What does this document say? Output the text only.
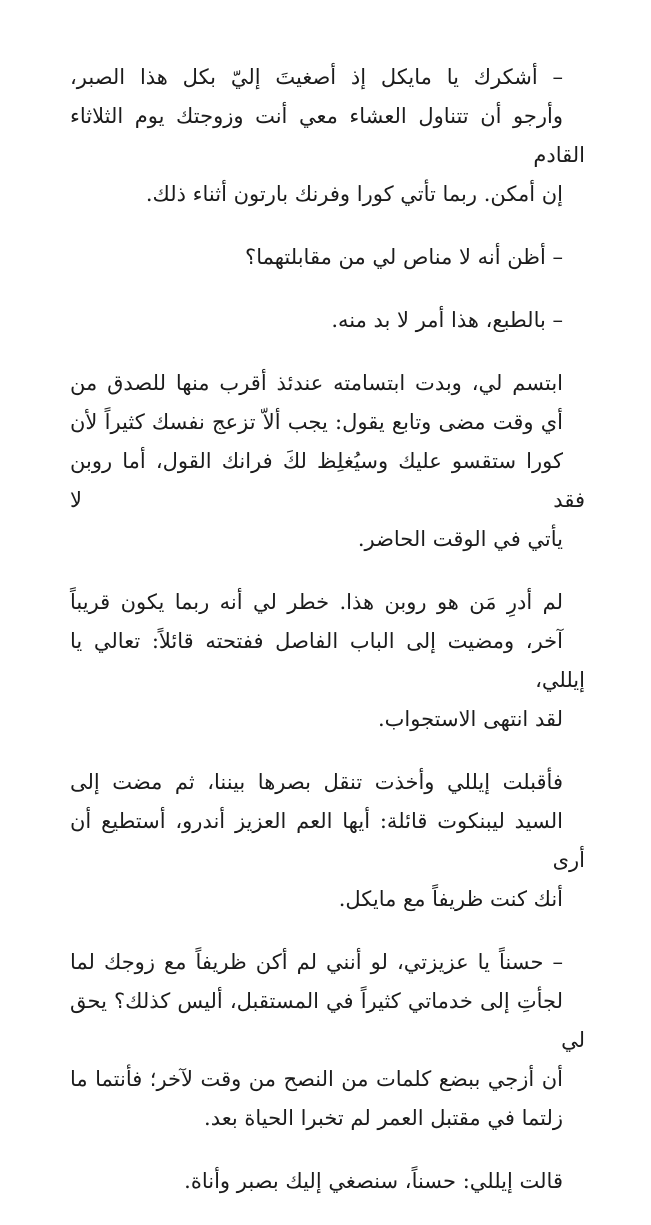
– أشكرك يا مايكل إذ أصغيتَ إليّ بكل هذا الصبر،
وأرجو أن تتناول العشاء معي أنت وزوجتك يوم الثلاثاء القادم
إن أمكن. ربما تأتي كورا وفرنك بارتون أثناء ذلك.

– أظن أنه لا مناص لي من مقابلتهما؟

– بالطبع، هذا أمر لا بد منه.

ابتسم لي، وبدت ابتسامته عندئذ أقرب منها للصدق من
أي وقت مضى وتابع يقول: يجب ألاّ تزعج نفسك كثيراً لأن
كورا ستقسو عليك وسيُغلِظ لكَ فرانك القول، أما روبن فقد لا
يأتي في الوقت الحاضر.

لم أدرِ مَن هو روبن هذا. خطر لي أنه ربما يكون قريباً
آخر، ومضيت إلى الباب الفاصل ففتحته قائلاً: تعالي يا إيللي،
لقد انتهى الاستجواب.

فأقبلت إيللي وأخذت تنقل بصرها بيننا، ثم مضت إلى
السيد ليبنكوت قائلة: أيها العم العزيز أندرو، أستطيع أن أرى
أنك كنت ظريفاً مع مايكل.

– حسناً يا عزيزتي، لو أنني لم أكن ظريفاً مع زوجك لما
لجأتِ إلى خدماتي كثيراً في المستقبل، أليس كذلك؟ يحق لي
أن أزجي ببضع كلمات من النصح من وقت لآخر؛ فأنتما ما
زلتما في مقتبل العمر لم تخبرا الحياة بعد.

قالت إيللي: حسناً، سنصغي إليك بصبر وأناة.
